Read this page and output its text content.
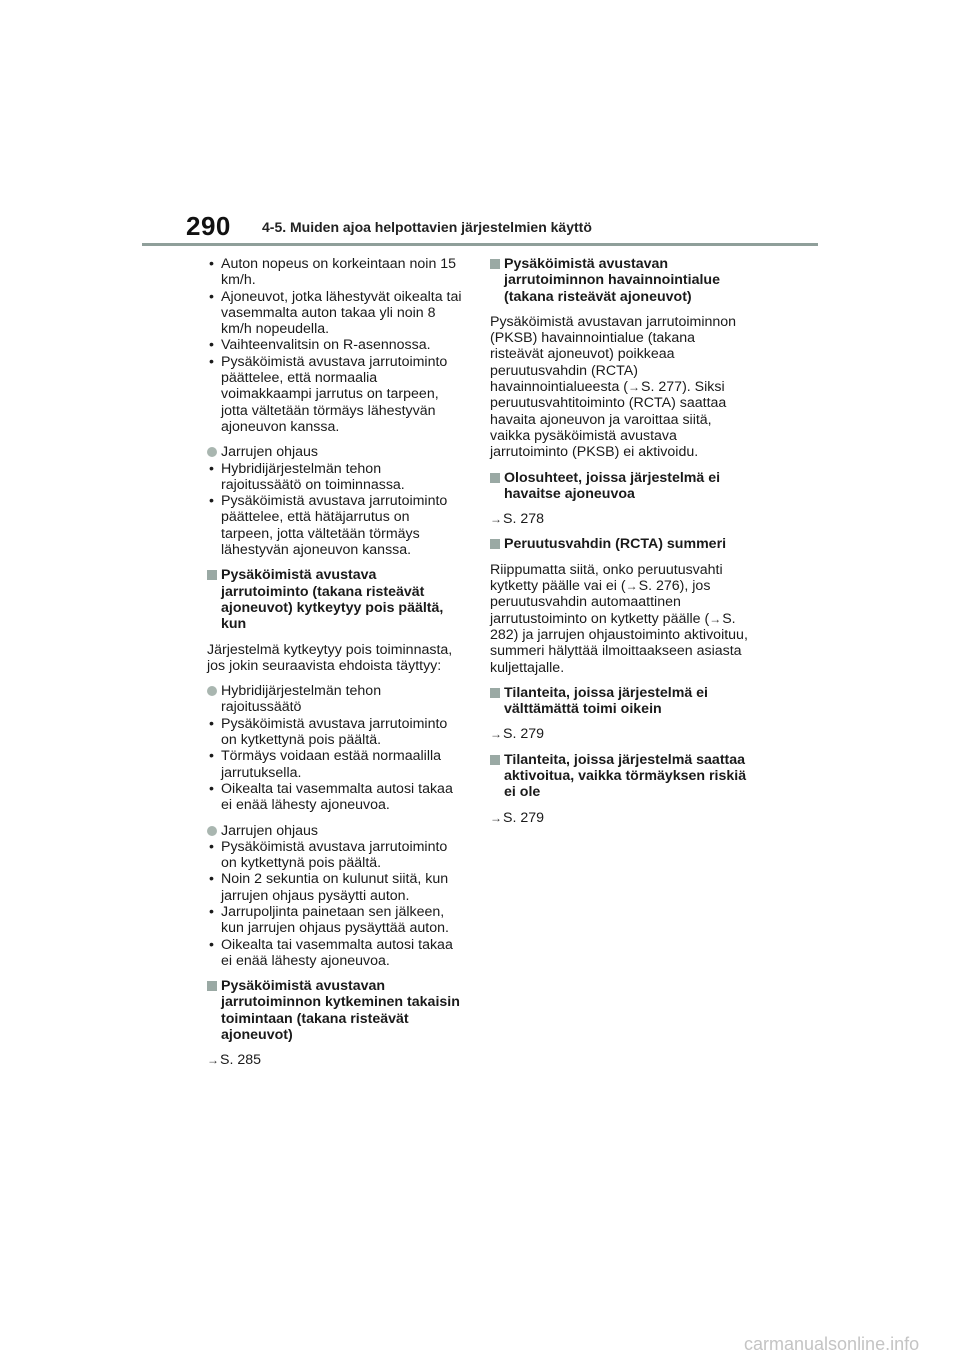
290 4-5. Muiden ajoa helpottavien järjestelmien käyttö
• Auton nopeus on korkeintaan noin 15 km/h.
• Ajoneuvot, jotka lähestyvät oikealta tai vasemmalta auton takaa yli noin 8 km/h nopeudella.
• Vaihteenvalitsin on R-asennossa.
• Pysäköimistä avustava jarrutoiminto päättelee, että normaalia voimakkaampi jarrutus on tarpeen, jotta vältetään törmäys lähestyvän ajoneuvon kanssa.
Jarrujen ohjaus
• Hybridijärjestelmän tehon rajoitussäätö on toiminnassa.
• Pysäköimistä avustava jarrutoiminto päättelee, että hätäjarrutus on tarpeen, jotta vältetään törmäys lähestyvän ajoneuvon kanssa.
Pysäköimistä avustava jarrutoiminto (takana risteävät ajoneuvot) kytkeytyy pois päältä, kun

Järjestelmä kytkeytyy pois toiminnasta, jos jokin seuraavista ehdoista täyttyy:

Hybridijärjestelmän tehon rajoitussäätö
• Pysäköimistä avustava jarrutoiminto on kytkettynä pois päältä.
• Törmäys voidaan estää normaalilla jarrutuksella.
• Oikealta tai vasemmalta autosi takaa ei enää lähesty ajoneuvoa.
Jarrujen ohjaus
• Pysäköimistä avustava jarrutoiminto on kytkettynä pois päältä.
• Noin 2 sekuntia on kulunut siitä, kun jarrujen ohjaus pysäytti auton.
• Jarrupoljinta painetaan sen jälkeen, kun jarrujen ohjaus pysäyttää auton.
• Oikealta tai vasemmalta autosi takaa ei enää lähesty ajoneuvoa.
Pysäköimistä avustavan jarrutoiminnon kytkeminen takaisin toimintaan (takana risteävät ajoneuvot)
→ S. 285
Pysäköimistä avustavan jarrutoiminnon havainnointialue (takana risteävät ajoneuvot)

Pysäköimistä avustavan jarrutoiminnon (PKSB) havainnointialue (takana risteävät ajoneuvot) poikkeaa peruutusvahdin (RCTA) havainnointialueesta (→S. 277). Siksi peruutusvahtitoiminto (RCTA) saattaa havaita ajoneuvon ja varoittaa siitä, vaikka pysäköimistä avustava jarrutoiminto (PKSB) ei aktivoidu.

Olosuhteet, joissa järjestelmä ei havaitse ajoneuvoa
→ S. 278
Peruutusvahdin (RCTA) summeri

Riippumatta siitä, onko peruutusvahti kytketty päälle vai ei (→S. 276), jos peruutusvahdin automaattinen jarrutustoiminto on kytketty päälle (→S. 282) ja jarrujen ohjaustoiminto aktivoituu, summeri hälyttää ilmoittaakseen asiasta kuljettajalle.

Tilanteita, joissa järjestelmä ei välttämättä toimi oikein
→ S. 279
Tilanteita, joissa järjestelmä saattaa aktivoitua, vaikka törmäyksen riskiä ei ole
→ S. 279
carmanualsonline.info
